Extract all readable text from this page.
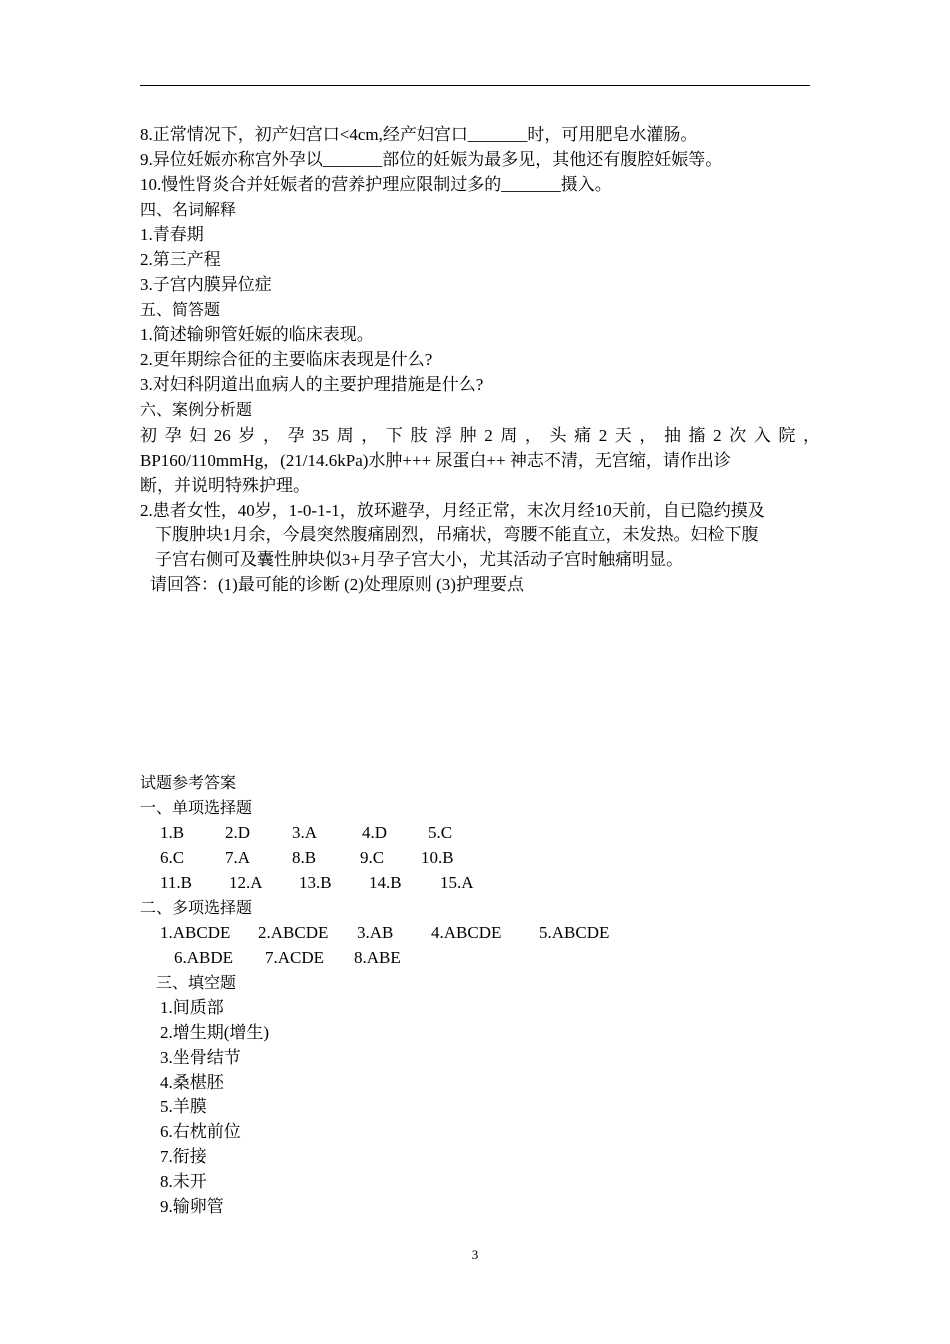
8.正常情况下，初产妇宫口<4cm,经产妇宫口_______时，可用肥皂水灌肠。
9.异位妊娠亦称宫外孕以_______部位的妊娠为最多见，其他还有腹腔妊娠等。
10.慢性肾炎合并妊娠者的营养护理应限制过多的_______摄入。
四、名词解释
1.青春期
2.第三产程
3.子宫内膜异位症
五、简答题
1.简述输卵管妊娠的临床表现。
2.更年期综合征的主要临床表现是什么?
3.对妇科阴道出血病人的主要护理措施是什么?
六、案例分析题
初孕妇26岁，孕35周，下肢浮肿2周，头痛2天，抽搐2次入院，
BP160/110mmHg，(21/14.6kPa)水肿+++ 尿蛋白++ 神志不清，无宫缩，请作出诊
断，并说明特殊护理。
2.患者女性，40岁，1-0-1-1，放环避孕，月经正常，末次月经10天前，自已隐约摸及
下腹肿块1月余，今晨突然腹痛剧烈，吊痛状，弯腰不能直立，未发热。妇检下腹
子宫右侧可及囊性肿块似3+月孕子宫大小，尤其活动子宫时触痛明显。
请回答：(1)最可能的诊断 (2)处理原则 (3)护理要点
试题参考答案
一、单项选择题
1.B 2.D 3.A	4.D 5.C
6.C 7.A 8.B	9.C 10.B
11.B 12.A 13.B 14.B 15.A
二、多项选择题
1.ABCDE 2.ABCDE 3.AB 4.ABCDE 5.ABCDE
6.ABDE 7.ACDE 8.ABE
三、填空题
1.间质部
2.增生期(增生)
3.坐骨结节
4.桑椹胚
5.羊膜
6.右枕前位
7.衔接
8.未开
9.输卵管
3
